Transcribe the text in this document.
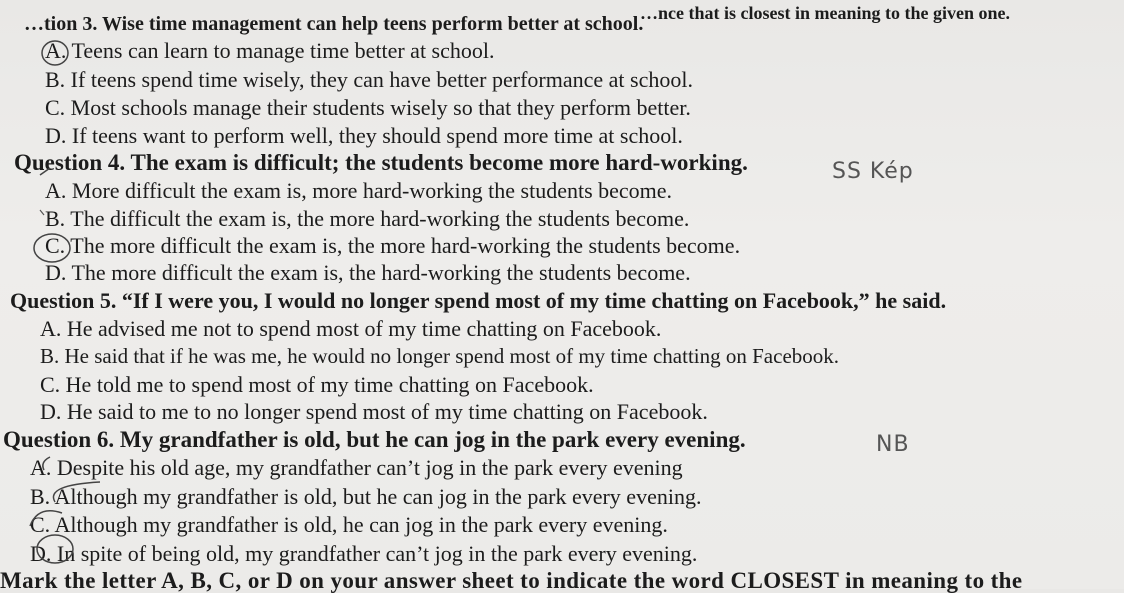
…nce that is closest in meaning to the given one.
…tion 3. Wise time management can help teens perform better at school.
A. Teens can learn to manage time better at school.
B. If teens spend time wisely, they can have better performance at school.
C. Most schools manage their students wisely so that they perform better.
D. If teens want to perform well, they should spend more time at school.
Question 4. The exam is difficult; the students become more hard-working.	SS Kép
A. More difficult the exam is, more hard-working the students become.
B. The difficult the exam is, the more hard-working the students become.
C. The more difficult the exam is, the more hard-working the students become.
D. The more difficult the exam is, the hard-working the students become.
Question 5. “If I were you, I would no longer spend most of my time chatting on Facebook,” he said.
A. He advised me not to spend most of my time chatting on Facebook.
B. He said that if he was me, he would no longer spend most of my time chatting on Facebook.
C. He told me to spend most of my time chatting on Facebook.
D. He said to me to no longer spend most of my time chatting on Facebook.
Question 6. My grandfather is old, but he can jog in the park every evening.	NB
A. Despite his old age, my grandfather can’t jog in the park every evening
B. Although my grandfather is old, but he can jog in the park every evening.
C. Although my grandfather is old, he can jog in the park every evening.
D. In spite of being old, my grandfather can’t jog in the park every evening.
Mark the letter A, B, C, or D on your answer sheet to indicate the word CLOSEST in meaning to the
